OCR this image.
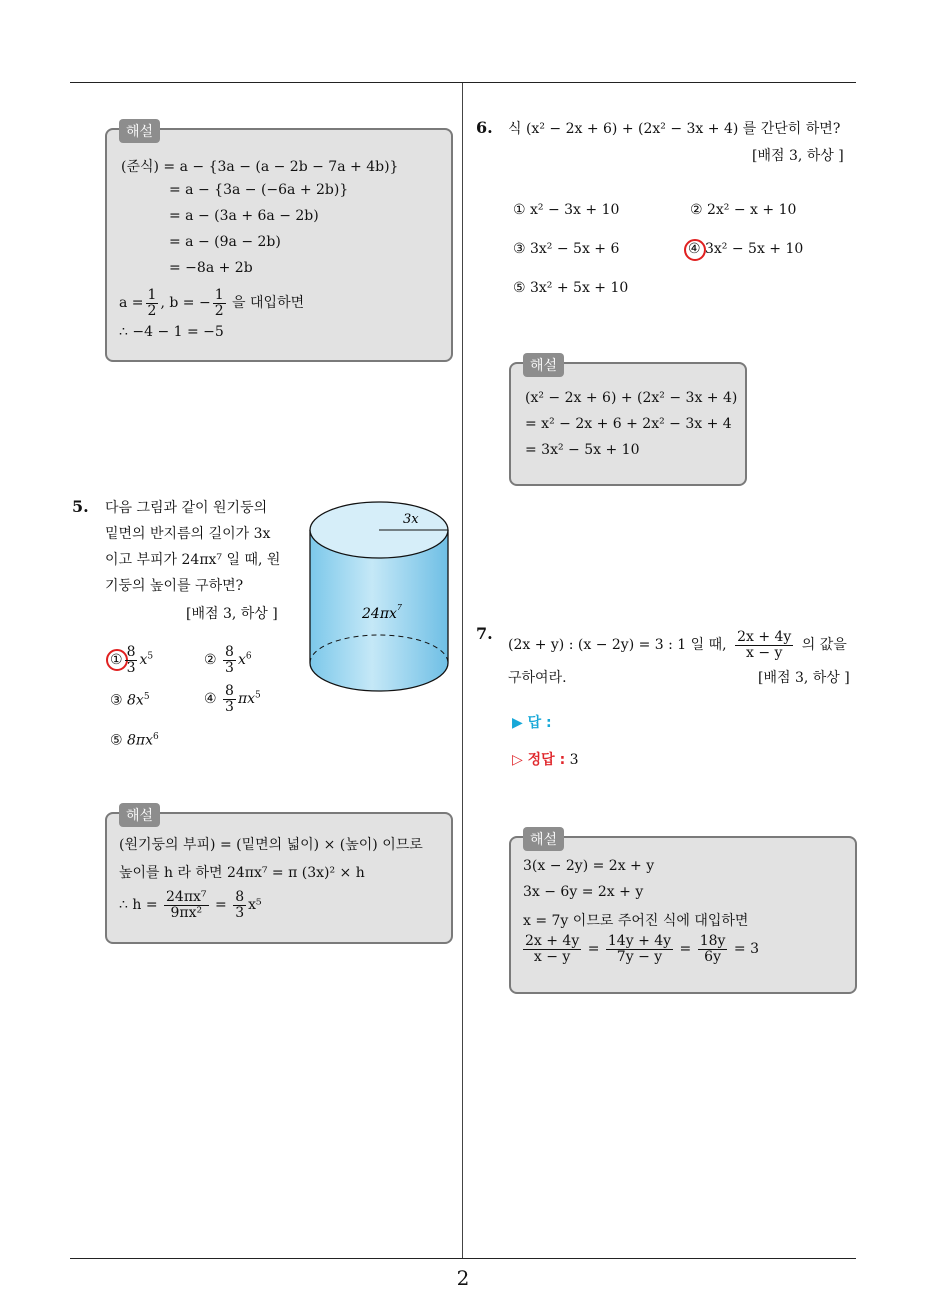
2
해설
(준식) = a − {3a − (a − 2b − 7a + 4b)}
= a − {3a − (−6a + 2b)}
= a − (3a + 6a − 2b)
= a − (9a − 2b)
= −8a + 2b
$a = \frac{1}{2}$ , b = − $\frac{1}{2}$ 을 대입하면
∴ −4 − 1 = −5
5. 다음 그림과 같이 원기둥의
밑면의 반지름의 길이가 3x
이고 부피가 24πx⁷ 일 때, 원
기둥의 높이를 구하면?
[배점 3, 하상 ]
3x
$24\pi x^7$
① $\frac{8}{3} x^5$	② $\frac{8}{3} x^6$
③ $8x^5$	④ $\frac{8}{3} \pi x^5$
⑤ $8\pi x^6$
해설
(원기둥의 부피) = (밑면의 넓이) × (높이) 이므로
높이를 h 라 하면 24πx⁷ = π (3x)² × h
∴ $h = \frac{\text{24πx⁷}}{\text{9πx²}} = \frac{8}{3} x^5$
6. 식 (x² − 2x + 6) + (2x² − 3x + 4) 를 간단히 하면?
[배점 3, 하상 ]
① x² − 3x + 10	② 2x² − x + 10
③ 3x² − 5x + 6	④ 3x² − 5x + 10
⑤ 3x² + 5x + 10
해설
(x² − 2x + 6) + (2x² − 3x + 4)
= x² − 2x + 6 + 2x² − 3x + 4
= 3x² − 5x + 10
7.
(2x + y) : (x − 2y) = 3 : 1 일 때, $\frac{2x + 4y}{x - y}$ 의 값을
구하여라.	[배점 3, 하상 ]
▶ 답 :
▷ 정답 : 3
해설
3(x − 2y) = 2x + y
3x − 6y = 2x + y
x = 7y 이므로 주어진 식에 대입하면
$\frac{2x + 4y}{x - y} = \frac{14y + 4y}{7y - y} = \frac{18y}{6y} = 3$
